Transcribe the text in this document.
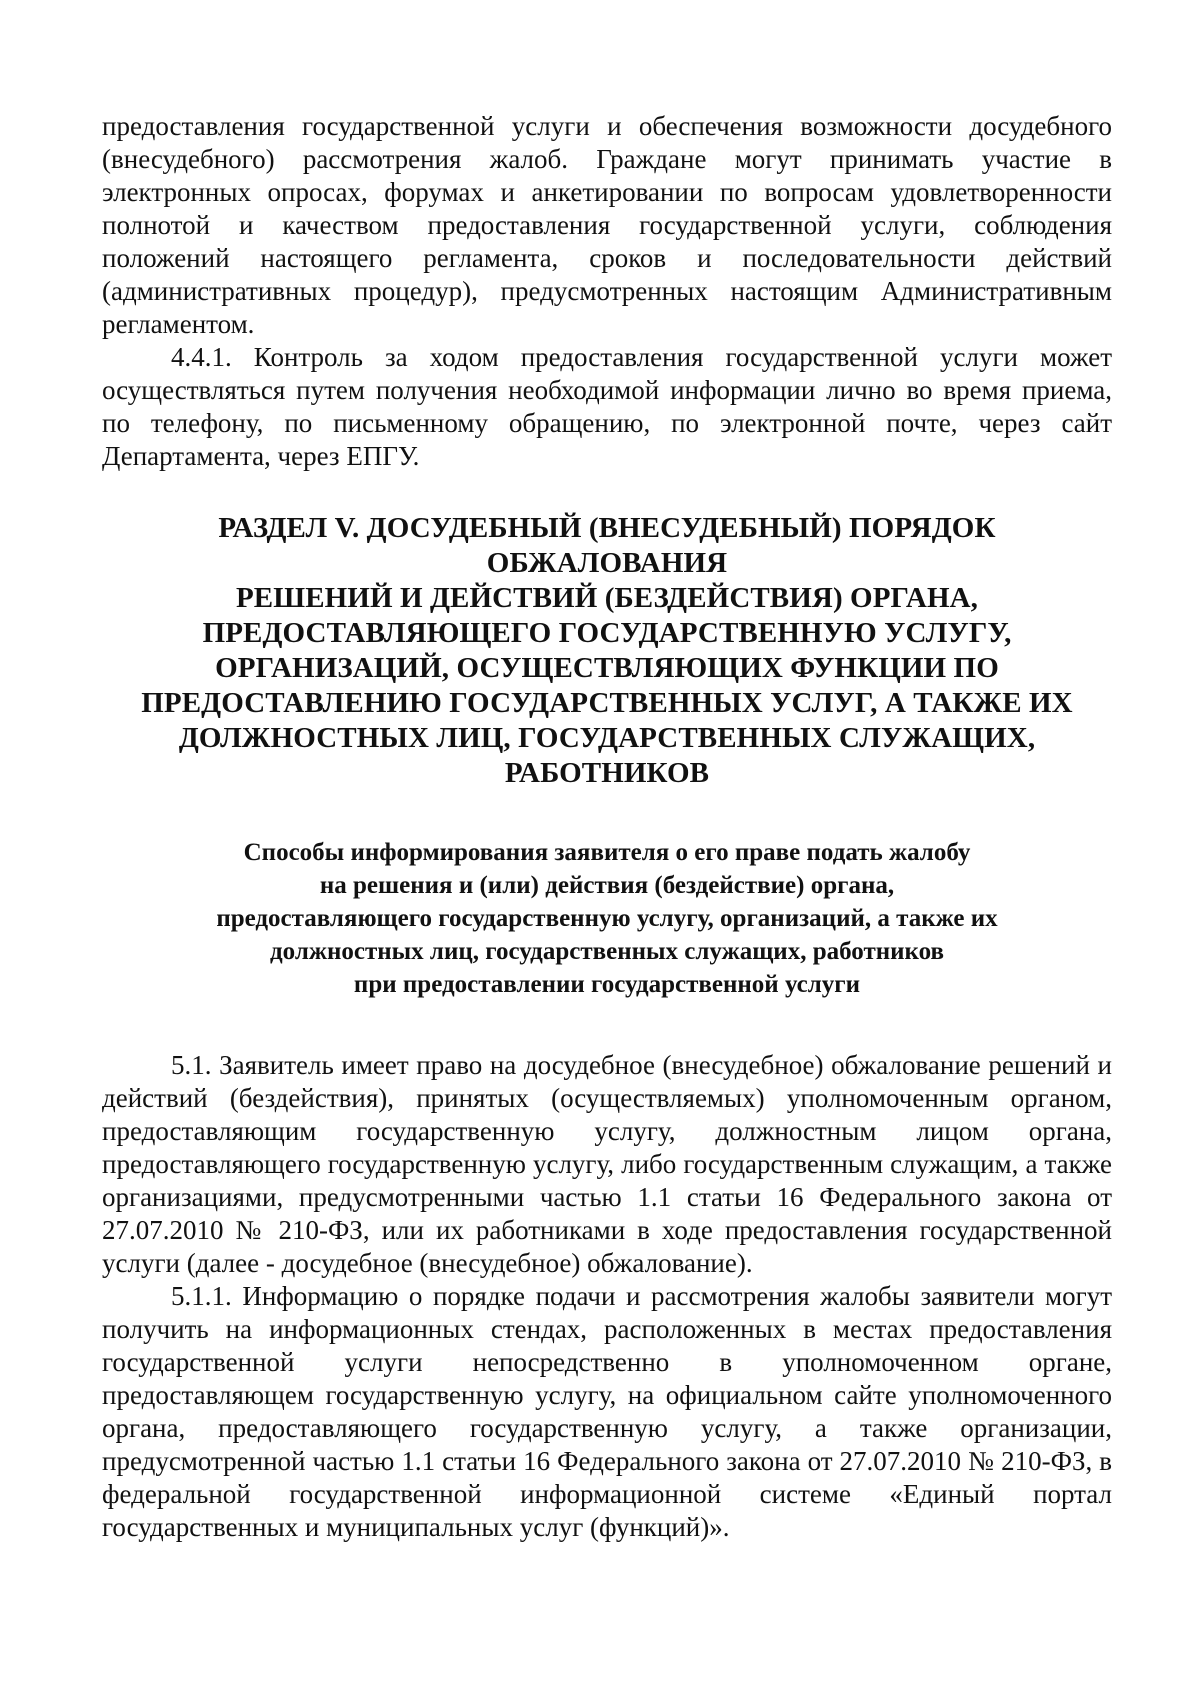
предоставления государственной услуги и обеспечения возможности досудебного (внесудебного) рассмотрения жалоб. Граждане могут принимать участие в электронных опросах, форумах и анкетировании по вопросам удовлетворенности полнотой и качеством предоставления государственной услуги, соблюдения положений настоящего регламента, сроков и последовательности действий (административных процедур), предусмотренных настоящим Административным регламентом.

4.4.1. Контроль за ходом предоставления государственной услуги может осуществляться путем получения необходимой информации лично во время приема, по телефону, по письменному обращению, по электронной почте, через сайт Департамента, через ЕПГУ.

РАЗДЕЛ V. ДОСУДЕБНЫЙ (ВНЕСУДЕБНЫЙ) ПОРЯДОК ОБЖАЛОВАНИЯ
РЕШЕНИЙ И ДЕЙСТВИЙ (БЕЗДЕЙСТВИЯ) ОРГАНА,
ПРЕДОСТАВЛЯЮЩЕГО ГОСУДАРСТВЕННУЮ УСЛУГУ,
ОРГАНИЗАЦИЙ, ОСУЩЕСТВЛЯЮЩИХ ФУНКЦИИ ПО
ПРЕДОСТАВЛЕНИЮ ГОСУДАРСТВЕННЫХ УСЛУГ, А ТАКЖЕ ИХ
ДОЛЖНОСТНЫХ ЛИЦ, ГОСУДАРСТВЕННЫХ СЛУЖАЩИХ,
РАБОТНИКОВ
Способы информирования заявителя о его праве подать жалобу
на решения и (или) действия (бездействие) органа,
предоставляющего государственную услугу, организаций, а также их
должностных лиц, государственных служащих, работников
при предоставлении государственной услуги

5.1. Заявитель имеет право на досудебное (внесудебное) обжалование решений и действий (бездействия), принятых (осуществляемых) уполномоченным органом, предоставляющим государственную услугу, должностным лицом органа, предоставляющего государственную услугу, либо государственным служащим, а также организациями, предусмотренными частью 1.1 статьи 16 Федерального закона от 27.07.2010 № 210-ФЗ, или их работниками в ходе предоставления государственной услуги (далее - досудебное (внесудебное) обжалование).

5.1.1. Информацию о порядке подачи и рассмотрения жалобы заявители могут получить на информационных стендах, расположенных в местах предоставления государственной услуги непосредственно в уполномоченном органе, предоставляющем государственную услугу, на официальном сайте уполномоченного органа, предоставляющего государственную услугу, а также организации, предусмотренной частью 1.1 статьи 16 Федерального закона от 27.07.2010 № 210-ФЗ, в федеральной государственной информационной системе «Единый портал государственных и муниципальных услуг (функций)».
